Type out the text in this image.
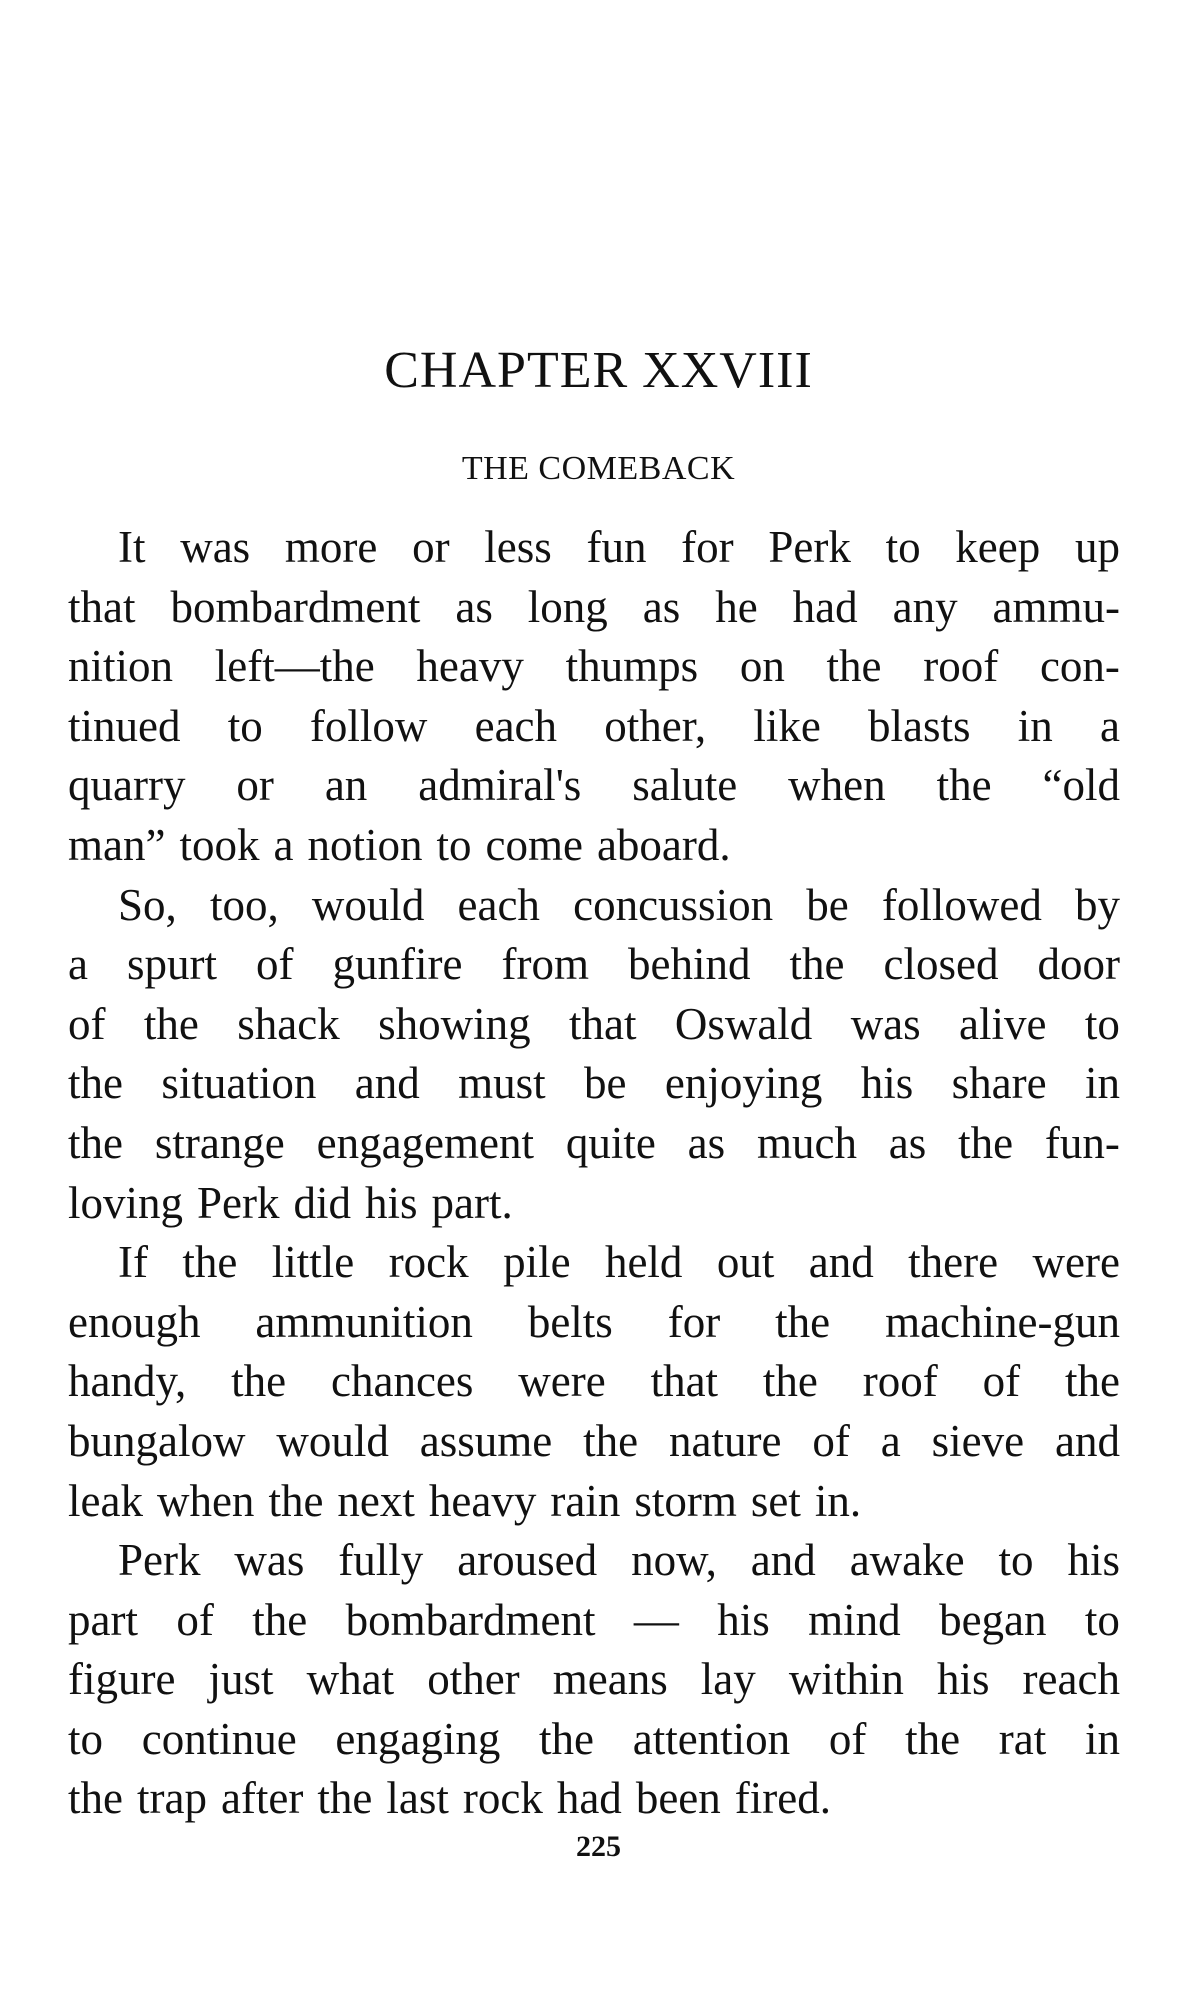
CHAPTER XXVIII
THE COMEBACK
It was more or less fun for Perk to keep up
that bombardment as long as he had any ammu-
nition left—the heavy thumps on the roof con-
tinued to follow each other, like blasts in a
quarry or an admiral's salute when the “old
man” took a notion to come aboard.
So, too, would each concussion be followed by
a spurt of gunfire from behind the closed door
of the shack showing that Oswald was alive to
the situation and must be enjoying his share in
the strange engagement quite as much as the fun-
loving Perk did his part.
If the little rock pile held out and there were
enough ammunition belts for the machine-gun
handy, the chances were that the roof of the
bungalow would assume the nature of a sieve and
leak when the next heavy rain storm set in.
Perk was fully aroused now, and awake to his
part of the bombardment — his mind began to
figure just what other means lay within his reach
to continue engaging the attention of the rat in
the trap after the last rock had been fired.
225
